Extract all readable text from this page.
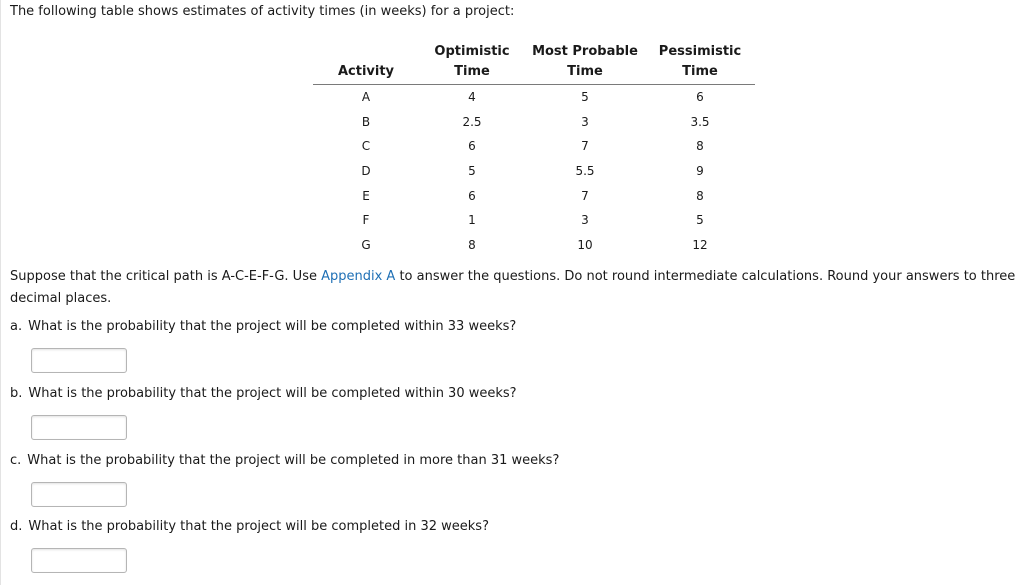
The following table shows estimates of activity times (in weeks) for a project:
	Optimistic	Most Probable	Pessimistic
Activity	Time	Time	Time
A	4	5	6
B	2.5	3	3.5
C	6	7	8
D	5	5.5	9
E	6	7	8
F	1	3	5
G	8	10	12
Suppose that the critical path is A-C-E-F-G. Use Appendix A to answer the questions. Do not round intermediate calculations. Round your answers to three decimal places.
a. What is the probability that the project will be completed within 33 weeks?
b. What is the probability that the project will be completed within 30 weeks?
c. What is the probability that the project will be completed in more than 31 weeks?
d. What is the probability that the project will be completed in 32 weeks?
